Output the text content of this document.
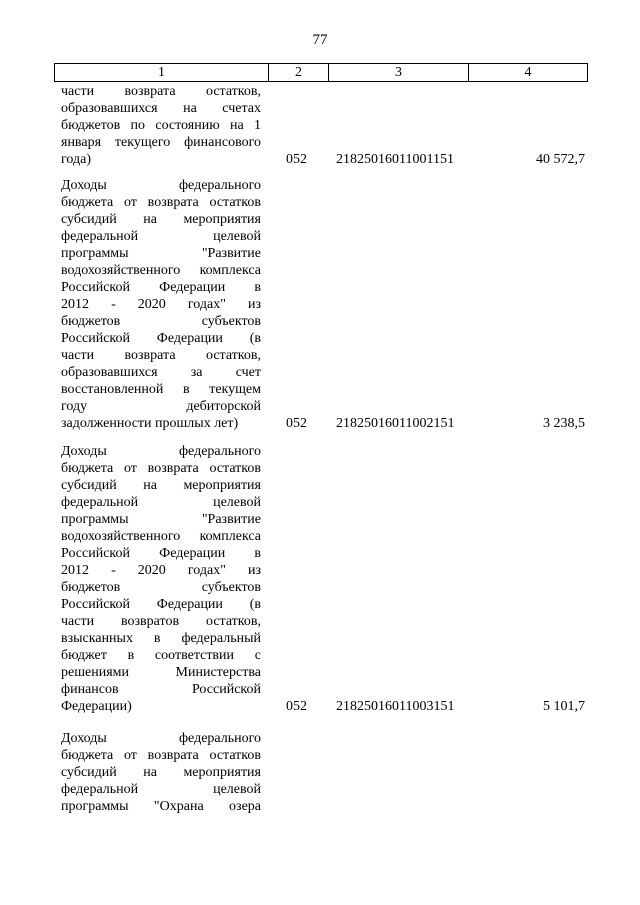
77
1	2	3	4
части возврата остатков,
образовавшихся на счетах
бюджетов по состоянию на 1
января текущего финансового
года)	052 21825016011001151	40 572,7
Доходы федерального
бюджета от возврата остатков
субсидий на мероприятия
федеральной целевой
программы "Развитие
водохозяйственного комплекса
Российской Федерации в
2012 - 2020 годах" из
бюджетов субъектов
Российской Федерации (в
части возврата остатков,
образовавшихся за счет
восстановленной в текущем
году дебиторской
задолженности прошлых лет)	052 21825016011002151	3 238,5
Доходы федерального
бюджета от возврата остатков
субсидий на мероприятия
федеральной целевой
программы "Развитие
водохозяйственного комплекса
Российской Федерации в
2012 - 2020 годах" из
бюджетов субъектов
Российской Федерации (в
части возвратов остатков,
взысканных в федеральный
бюджет в соответствии с
решениями Министерства
финансов Российской
Федерации)	052 21825016011003151	5 101,7
Доходы федерального
бюджета от возврата остатков
субсидий на мероприятия
федеральной целевой
программы "Охрана озера
